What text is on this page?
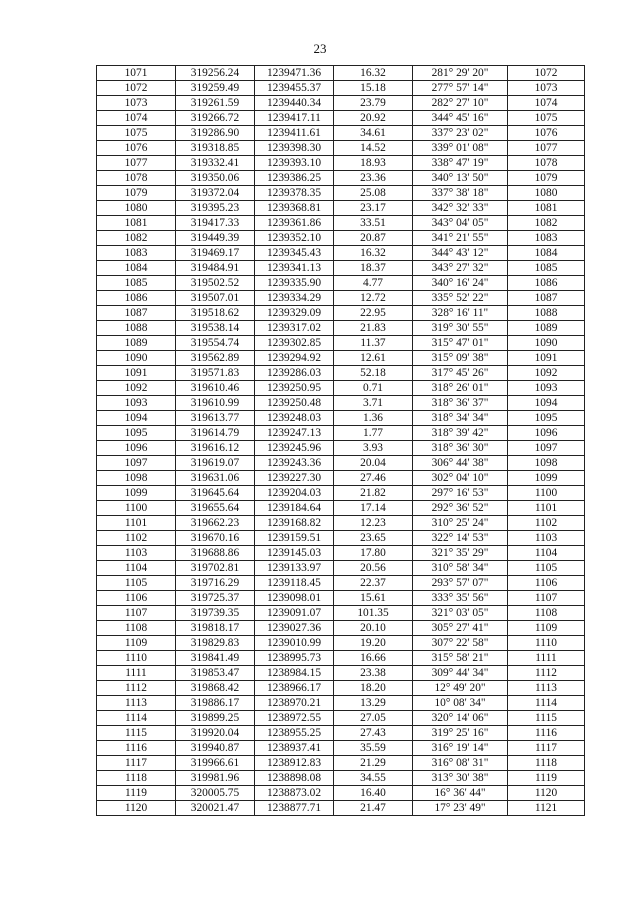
23
1071	319256.24	1239471.36	16.32	281° 29' 20"	1072
1072	319259.49	1239455.37	15.18	277° 57' 14"	1073
1073	319261.59	1239440.34	23.79	282° 27' 10"	1074
1074	319266.72	1239417.11	20.92	344° 45' 16"	1075
1075	319286.90	1239411.61	34.61	337° 23' 02"	1076
1076	319318.85	1239398.30	14.52	339° 01' 08"	1077
1077	319332.41	1239393.10	18.93	338° 47' 19"	1078
1078	319350.06	1239386.25	23.36	340° 13' 50"	1079
1079	319372.04	1239378.35	25.08	337° 38' 18"	1080
1080	319395.23	1239368.81	23.17	342° 32' 33"	1081
1081	319417.33	1239361.86	33.51	343° 04' 05"	1082
1082	319449.39	1239352.10	20.87	341° 21' 55"	1083
1083	319469.17	1239345.43	16.32	344° 43' 12"	1084
1084	319484.91	1239341.13	18.37	343° 27' 32"	1085
1085	319502.52	1239335.90	4.77	340° 16' 24"	1086
1086	319507.01	1239334.29	12.72	335° 52' 22"	1087
1087	319518.62	1239329.09	22.95	328° 16' 11"	1088
1088	319538.14	1239317.02	21.83	319° 30' 55"	1089
1089	319554.74	1239302.85	11.37	315° 47' 01"	1090
1090	319562.89	1239294.92	12.61	315° 09' 38"	1091
1091	319571.83	1239286.03	52.18	317° 45' 26"	1092
1092	319610.46	1239250.95	0.71	318° 26' 01"	1093
1093	319610.99	1239250.48	3.71	318° 36' 37"	1094
1094	319613.77	1239248.03	1.36	318° 34' 34"	1095
1095	319614.79	1239247.13	1.77	318° 39' 42"	1096
1096	319616.12	1239245.96	3.93	318° 36' 30"	1097
1097	319619.07	1239243.36	20.04	306° 44' 38"	1098
1098	319631.06	1239227.30	27.46	302° 04' 10"	1099
1099	319645.64	1239204.03	21.82	297° 16' 53"	1100
1100	319655.64	1239184.64	17.14	292° 36' 52"	1101
1101	319662.23	1239168.82	12.23	310° 25' 24"	1102
1102	319670.16	1239159.51	23.65	322° 14' 53"	1103
1103	319688.86	1239145.03	17.80	321° 35' 29"	1104
1104	319702.81	1239133.97	20.56	310° 58' 34"	1105
1105	319716.29	1239118.45	22.37	293° 57' 07"	1106
1106	319725.37	1239098.01	15.61	333° 35' 56"	1107
1107	319739.35	1239091.07	101.35	321° 03' 05"	1108
1108	319818.17	1239027.36	20.10	305° 27' 41"	1109
1109	319829.83	1239010.99	19.20	307° 22' 58"	1110
1110	319841.49	1238995.73	16.66	315° 58' 21"	1111
1111	319853.47	1238984.15	23.38	309° 44' 34"	1112
1112	319868.42	1238966.17	18.20	12° 49' 20"	1113
1113	319886.17	1238970.21	13.29	10° 08' 34"	1114
1114	319899.25	1238972.55	27.05	320° 14' 06"	1115
1115	319920.04	1238955.25	27.43	319° 25' 16"	1116
1116	319940.87	1238937.41	35.59	316° 19' 14"	1117
1117	319966.61	1238912.83	21.29	316° 08' 31"	1118
1118	319981.96	1238898.08	34.55	313° 30' 38"	1119
1119	320005.75	1238873.02	16.40	16° 36' 44"	1120
1120	320021.47	1238877.71	21.47	17° 23' 49"	1121
